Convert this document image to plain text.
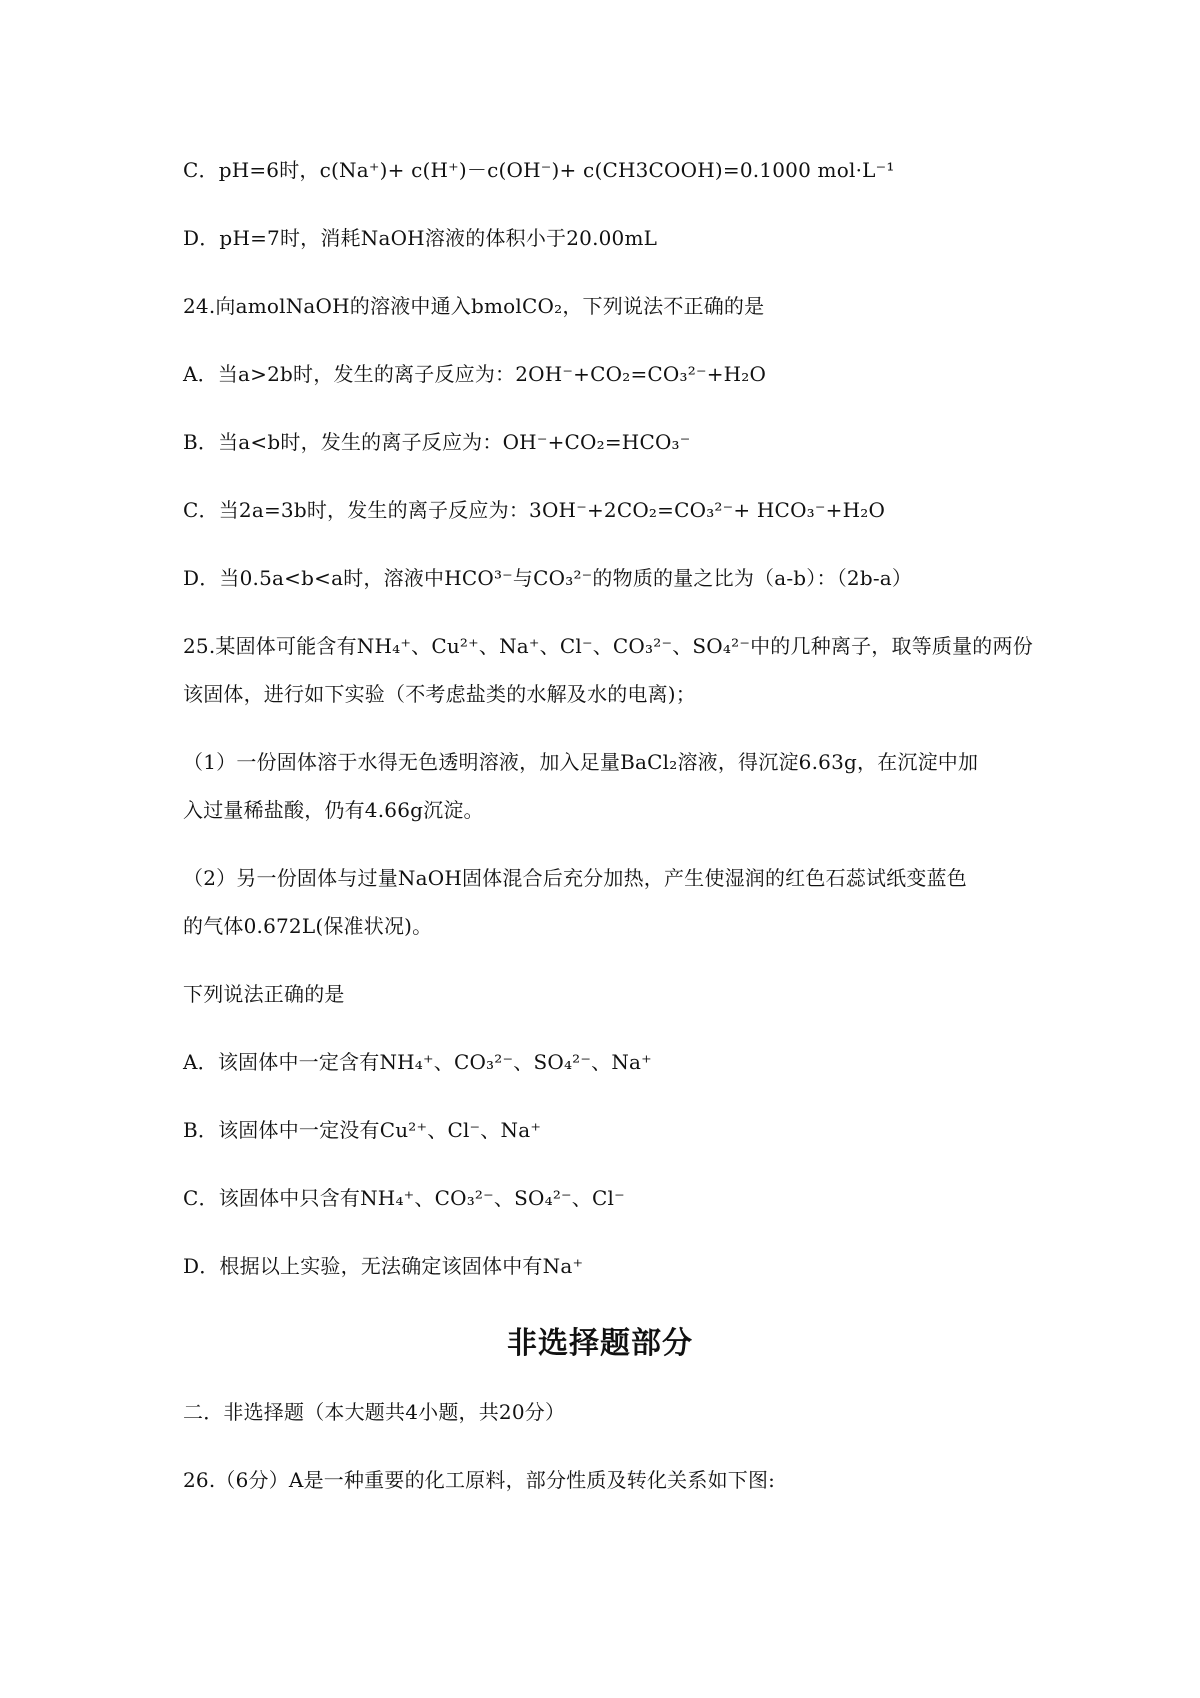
C．pH=6时，c(Na⁺)+ c(H⁺)－c(OH⁻)+ c(CH3COOH)=0.1000 mol·L⁻¹
D．pH=7时，消耗NaOH溶液的体积小于20.00mL
24.向amolNaOH的溶液中通入bmolCO₂，下列说法不正确的是
A．当a>2b时，发生的离子反应为：2OH⁻+CO₂=CO₃²⁻+H₂O
B．当a<b时，发生的离子反应为：OH⁻+CO₂=HCO₃⁻
C．当2a=3b时，发生的离子反应为：3OH⁻+2CO₂=CO₃²⁻+ HCO₃⁻+H₂O
D．当0.5a<b<a时，溶液中HCO³⁻与CO₃²⁻的物质的量之比为（a-b）：（2b-a）
25.某固体可能含有NH₄⁺、Cu²⁺、Na⁺、Cl⁻、CO₃²⁻、SO₄²⁻中的几种离子，取等质量的两份
该固体，进行如下实验（不考虑盐类的水解及水的电离)；
（1）一份固体溶于水得无色透明溶液，加入足量BaCl₂溶液，得沉淀6.63g，在沉淀中加
入过量稀盐酸，仍有4.66g沉淀。
（2）另一份固体与过量NaOH固体混合后充分加热，产生使湿润的红色石蕊试纸变蓝色
的气体0.672L(保准状况)。
下列说法正确的是
A．该固体中一定含有NH₄⁺、CO₃²⁻、SO₄²⁻、Na⁺
B．该固体中一定没有Cu²⁺、Cl⁻、Na⁺
C．该固体中只含有NH₄⁺、CO₃²⁻、SO₄²⁻、Cl⁻
D．根据以上实验，无法确定该固体中有Na⁺
非选择题部分
二．非选择题（本大题共4小题，共20分）
26.（6分）A是一种重要的化工原料，部分性质及转化关系如下图:
